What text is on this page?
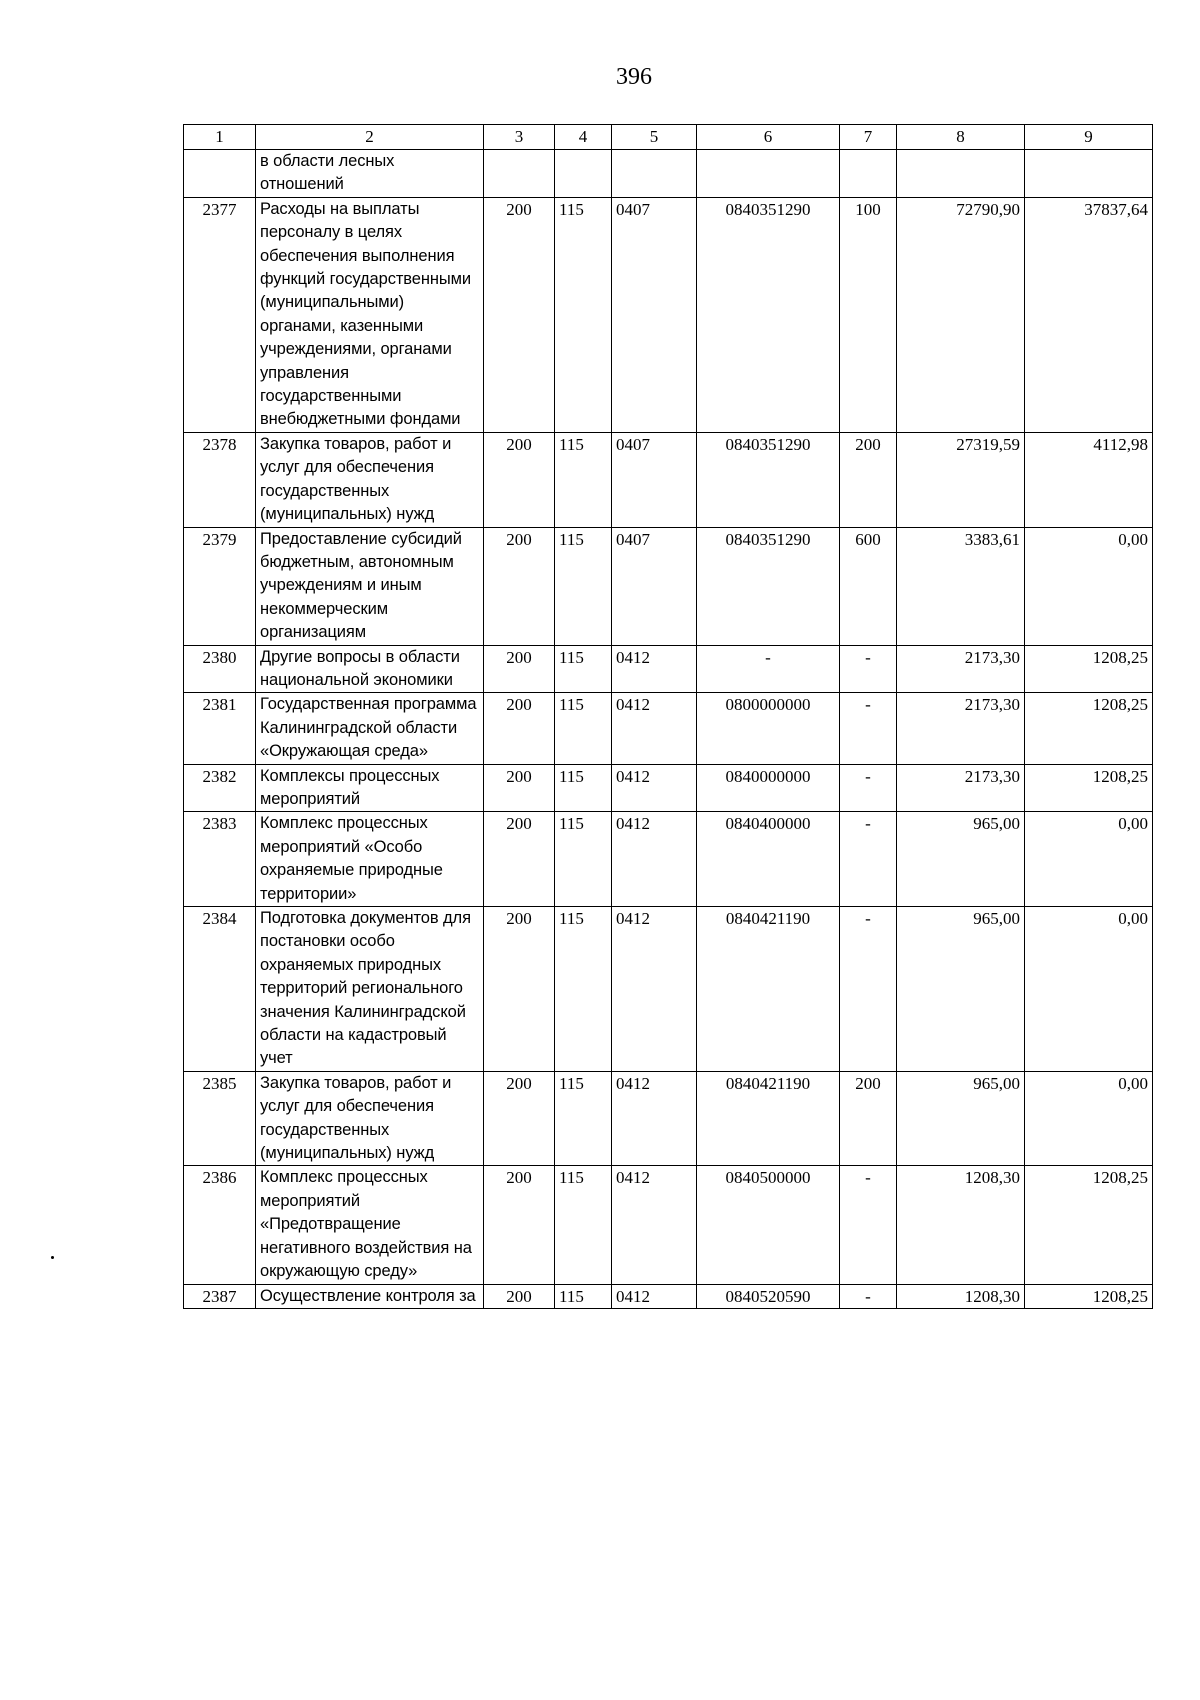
396
1	2	3	4	5	6	7	8	9
	в области лесных отношений							
2377	Расходы на выплаты персоналу в целях обеспечения выполнения функций государственными (муниципальными) органами, казенными учреждениями, органами управления государственными внебюджетными фондами	200	115	0407	0840351290	100	72790,90	37837,64
2378	Закупка товаров, работ и услуг для обеспечения государственных (муниципальных) нужд	200	115	0407	0840351290	200	27319,59	4112,98
2379	Предоставление субсидий бюджетным, автономным учреждениям и иным некоммерческим организациям	200	115	0407	0840351290	600	3383,61	0,00
2380	Другие вопросы в области национальной экономики	200	115	0412	-	-	2173,30	1208,25
2381	Государственная программа Калининградской области «Окружающая среда»	200	115	0412	0800000000	-	2173,30	1208,25
2382	Комплексы процессных мероприятий	200	115	0412	0840000000	-	2173,30	1208,25
2383	Комплекс процессных мероприятий «Особо охраняемые природные территории»	200	115	0412	0840400000	-	965,00	0,00
2384	Подготовка документов для постановки особо охраняемых природных территорий регионального значения Калининградской области на кадастровый учет	200	115	0412	0840421190	-	965,00	0,00
2385	Закупка товаров, работ и услуг для обеспечения государственных (муниципальных) нужд	200	115	0412	0840421190	200	965,00	0,00
2386	Комплекс процессных мероприятий «Предотвращение негативного воздействия на окружающую среду»	200	115	0412	0840500000	-	1208,30	1208,25
2387	Осуществление контроля за	200	115	0412	0840520590	-	1208,30	1208,25
